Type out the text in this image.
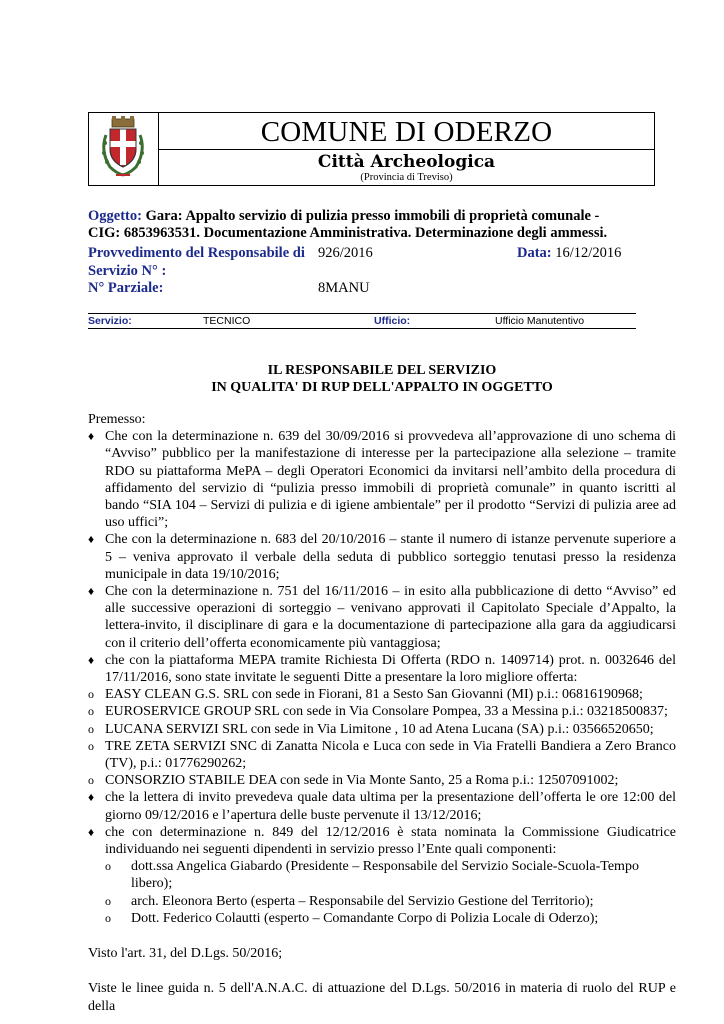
COMUNE DI ODERZO
Città Archeologica
(Provincia di Treviso)
Oggetto: Gara: Appalto servizio di pulizia presso immobili di proprietà comunale -
CIG: 6853963531. Documentazione Amministrativa. Determinazione degli ammessi.
Provvedimento del Responsabile di
Servizio N° :
926/2016	Data: 16/12/2016
N° Parziale:	8MANU
Servizio:	TECNICO	Ufficio:	Ufficio Manutentivo
IL RESPONSABILE DEL SERVIZIO
IN QUALITA' DI RUP DELL'APPALTO IN OGGETTO
Premesso:
♦ Che con la determinazione n. 639 del 30/09/2016 si provvedeva all’approvazione di uno schema di “Avviso” pubblico per la manifestazione di interesse per la partecipazione alla selezione – tramite RDO su piattaforma MePA – degli Operatori Economici da invitarsi nell’ambito della procedura di affidamento del servizio di “pulizia presso immobili di proprietà comunale” in quanto iscritti al bando “SIA 104 – Servizi di pulizia e di igiene ambientale” per il prodotto “Servizi di pulizia aree ad uso uffici”;
♦ Che con la determinazione n. 683 del 20/10/2016 – stante il numero di istanze pervenute superiore a 5 – veniva approvato il verbale della seduta di pubblico sorteggio tenutasi presso la residenza municipale in data 19/10/2016;
♦ Che con la determinazione n. 751 del 16/11/2016 – in esito alla pubblicazione di detto “Avviso” ed alle successive operazioni di sorteggio – venivano approvati il Capitolato Speciale d’Appalto, la lettera-invito, il disciplinare di gara e la documentazione di partecipazione alla gara da aggiudicarsi con il criterio dell’offerta economicamente più vantaggiosa;
♦ che con la piattaforma MEPA tramite Richiesta Di Offerta (RDO n. 1409714) prot. n. 0032646 del 17/11/2016, sono state invitate le seguenti Ditte a presentare la loro migliore offerta:
o EASY CLEAN G.S. SRL con sede in Fiorani, 81 a Sesto San Giovanni (MI) p.i.: 06816190968;
o EUROSERVICE GROUP SRL con sede in Via Consolare Pompea, 33 a Messina p.i.: 03218500837;
o LUCANA SERVIZI SRL con sede in Via Limitone , 10 ad Atena Lucana (SA) p.i.: 03566520650;
o TRE ZETA SERVIZI SNC di Zanatta Nicola e Luca con sede in Via Fratelli Bandiera a Zero Branco (TV), p.i.: 01776290262;
o CONSORZIO STABILE DEA con sede in Via Monte Santo, 25 a Roma p.i.: 12507091002;
♦ che la lettera di invito prevedeva quale data ultima per la presentazione dell’offerta le ore 12:00 del giorno 09/12/2016 e l’apertura delle buste pervenute il 13/12/2016;
♦ che con determinazione n. 849 del 12/12/2016 è stata nominata la Commissione Giudicatrice individuando nei seguenti dipendenti in servizio presso l’Ente quali componenti:
o dott.ssa Angelica Giabardo (Presidente – Responsabile del Servizio Sociale-Scuola-Tempo libero);
o arch. Eleonora Berto (esperta – Responsabile del Servizio Gestione del Territorio);
o Dott. Federico Colautti (esperto – Comandante Corpo di Polizia Locale di Oderzo);
Visto l'art. 31, del D.Lgs. 50/2016;
Viste le linee guida n. 5 dell'A.N.A.C. di attuazione del D.Lgs. 50/2016 in materia di ruolo del RUP e della
